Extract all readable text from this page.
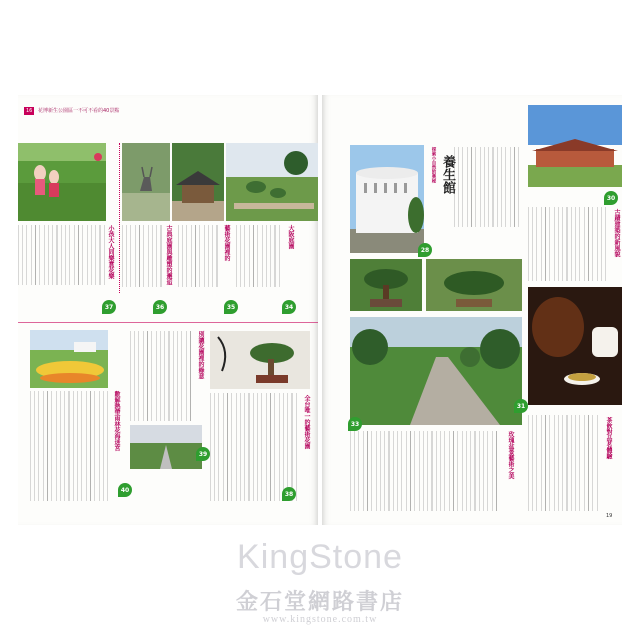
16 花博新生公園區一不可不看的40景點
小孩大人同樂賞花樂
37
古典庭園與雕塑的邂逅
36
藝術花園裡的
35
大阪庭園
34
數解熱帶雨林花海迷宮
40
別讓花園裡的綠意
39
全台唯一的藝術花園
38
28
探索小自然的奧秘 養生館
30
古蹟建築的新風貌
33
31
茶飲對品茗體驗
玫瑰盆景藝術之美
19
KingStone
金石堂網路書店
www.kingstone.com.tw
